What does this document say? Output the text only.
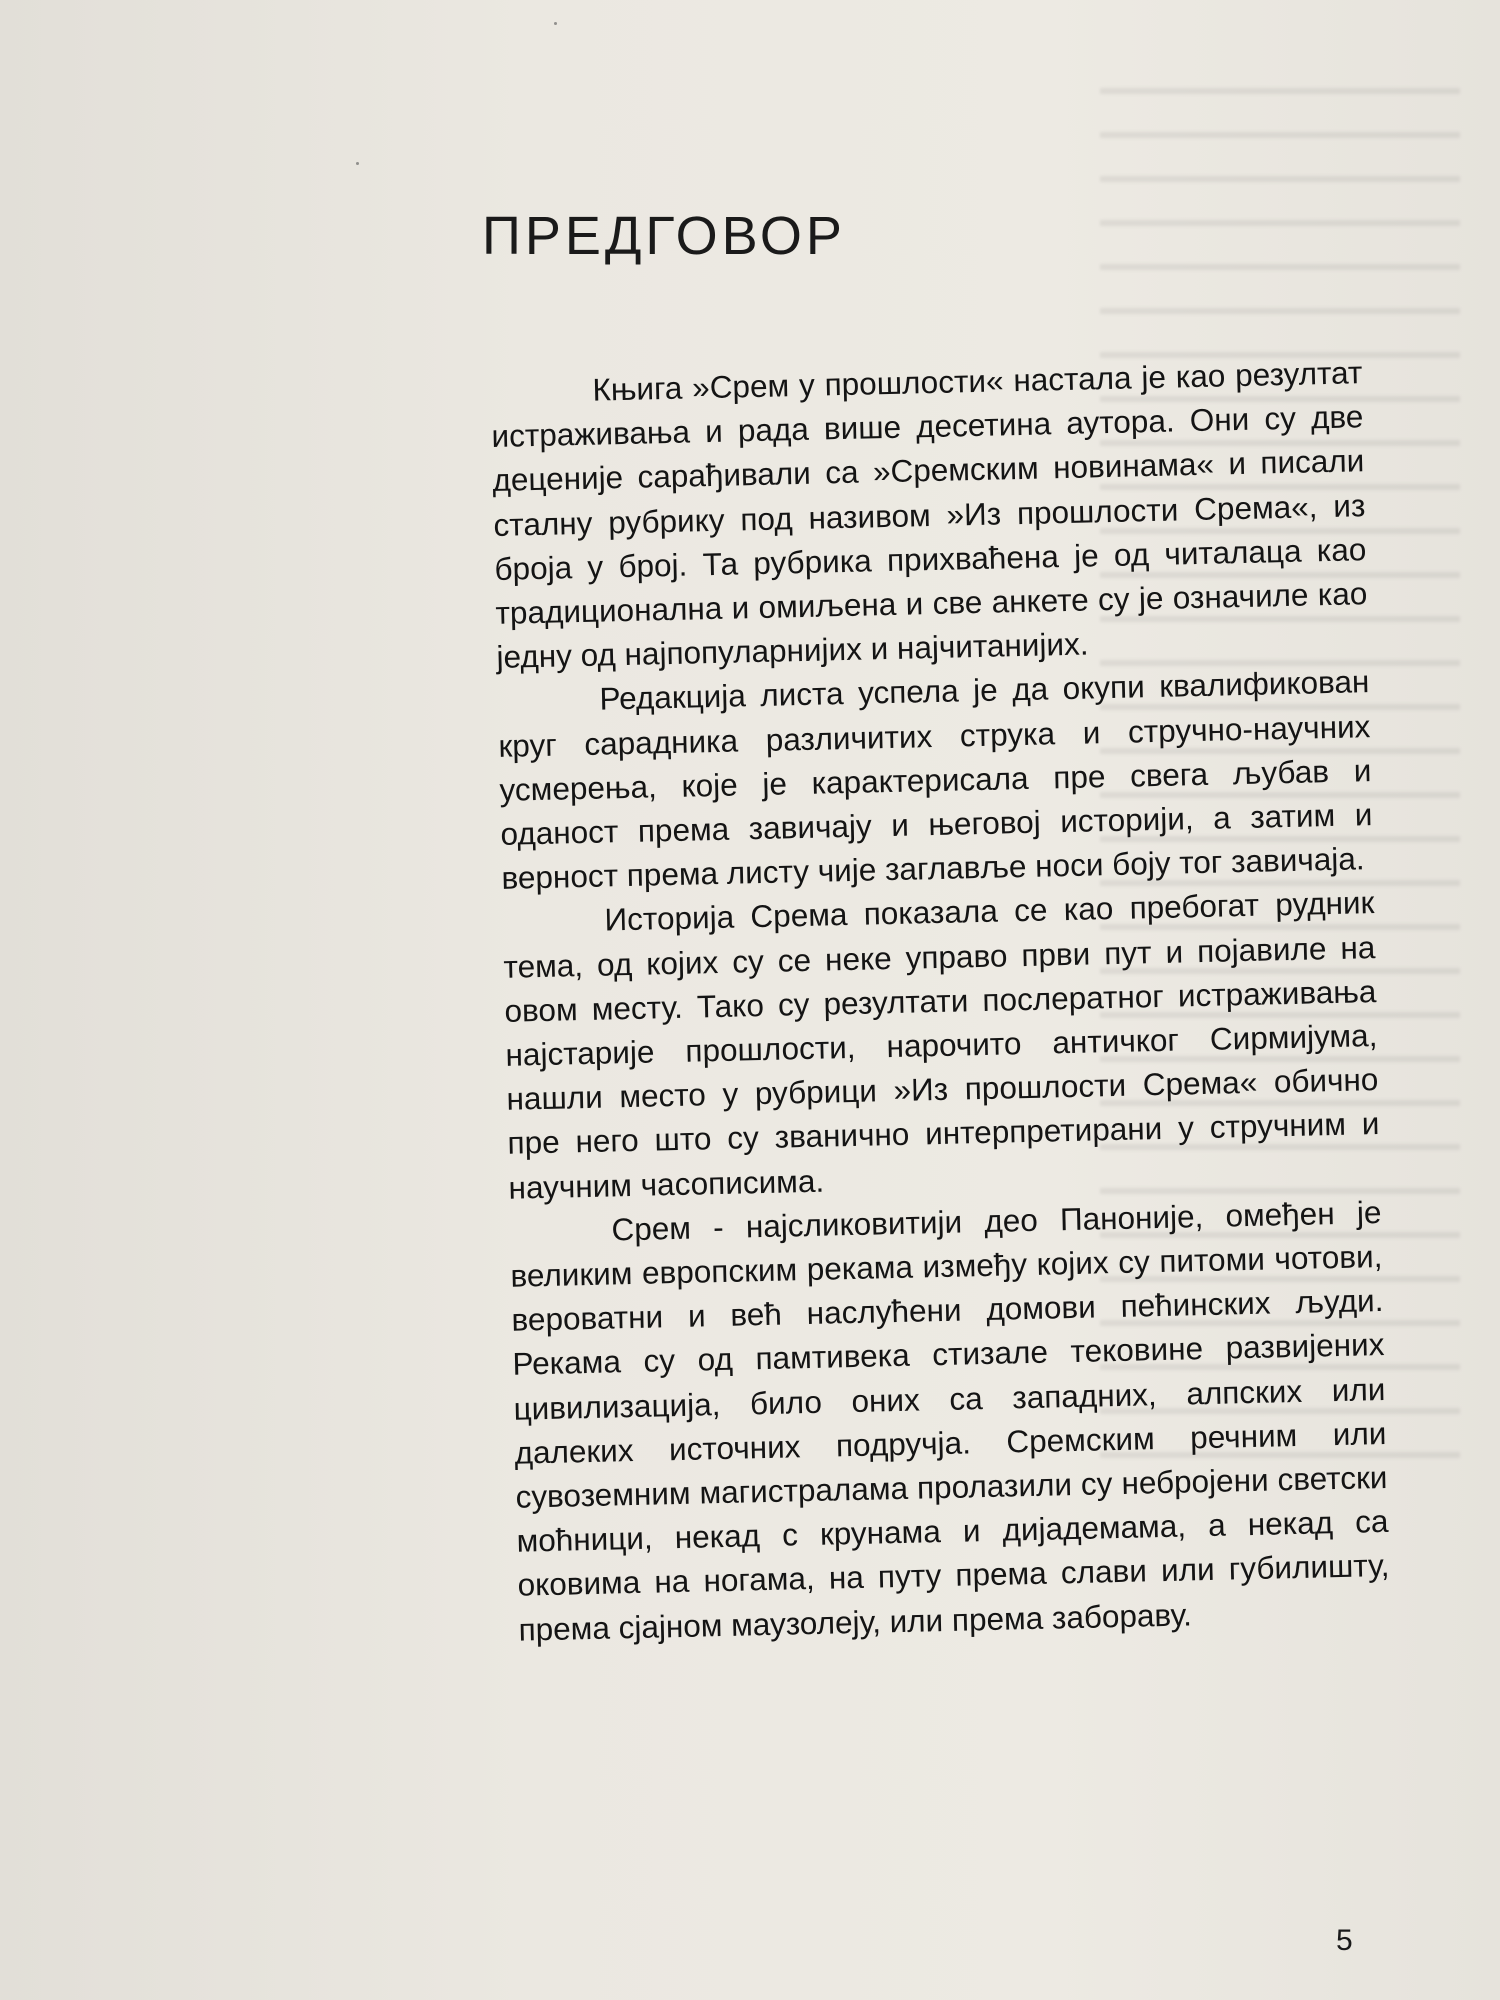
ПРЕДГОВОР

Књига »Срем у прошлости« настала је као резултат истраживања и рада више десетина аутора. Они су две деценије сарађивали са »Сремским новинама« и писали сталну рубрику под називом »Из прошлости Срема«, из броја у број. Та рубрика прихваћена је од читалаца као традиционална и омиљена и све анкете су је означиле као једну од најпопуларнијих и најчитанијих.

Редакција листа успела је да окупи квалификован круг сарадника различитих струка и стручно-научних усмерења, које је карактерисала пре свега љубав и оданост према завичају и његовој историји, а затим и верност према листу чије заглавље носи боју тог завичаја.

Историја Срема показала се као пребогат рудник тема, од којих су се неке управо први пут и појавиле на овом месту. Тако су резултати послератног истраживања најстарије прошлости, нарочито античког Сирмијума, нашли место у рубрици »Из прошлости Срема« обично пре него што су званично интерпретирани у стручним и научним часописима.

Срем - најсликовитији део Паноније, омеђен је великим европским рекама између којих су питоми чотови, вероватни и већ наслућени домови пећинских људи. Рекама су од памтивека стизале тековине развијених цивилизација, било оних са западних, алпских или далеких источних подручја. Сремским речним или сувоземним магистралама пролазили су небројени светски моћници, некад с крунама и дијадемама, а некад са оковима на ногама, на путу према слави или губилишту, према сјајном маузолеју, или према забораву.

5
